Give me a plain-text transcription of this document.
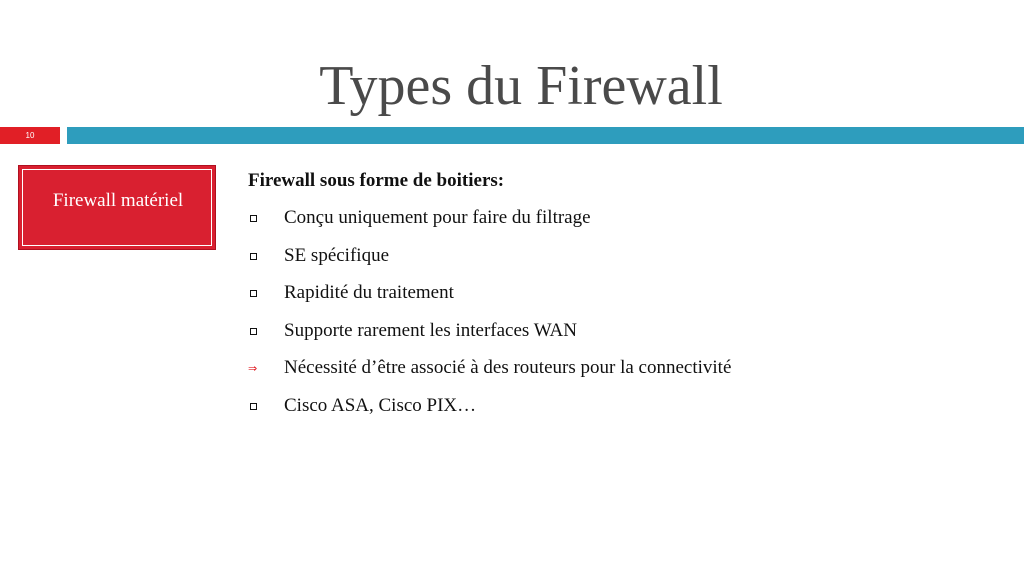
Types du Firewall
10
Firewall matériel
Firewall sous forme de boitiers:
Conçu uniquement pour faire du filtrage
SE spécifique
Rapidité du traitement
Supporte rarement les interfaces WAN
⇒ Nécessité d’être associé à des routeurs pour la connectivité
Cisco ASA, Cisco PIX…
